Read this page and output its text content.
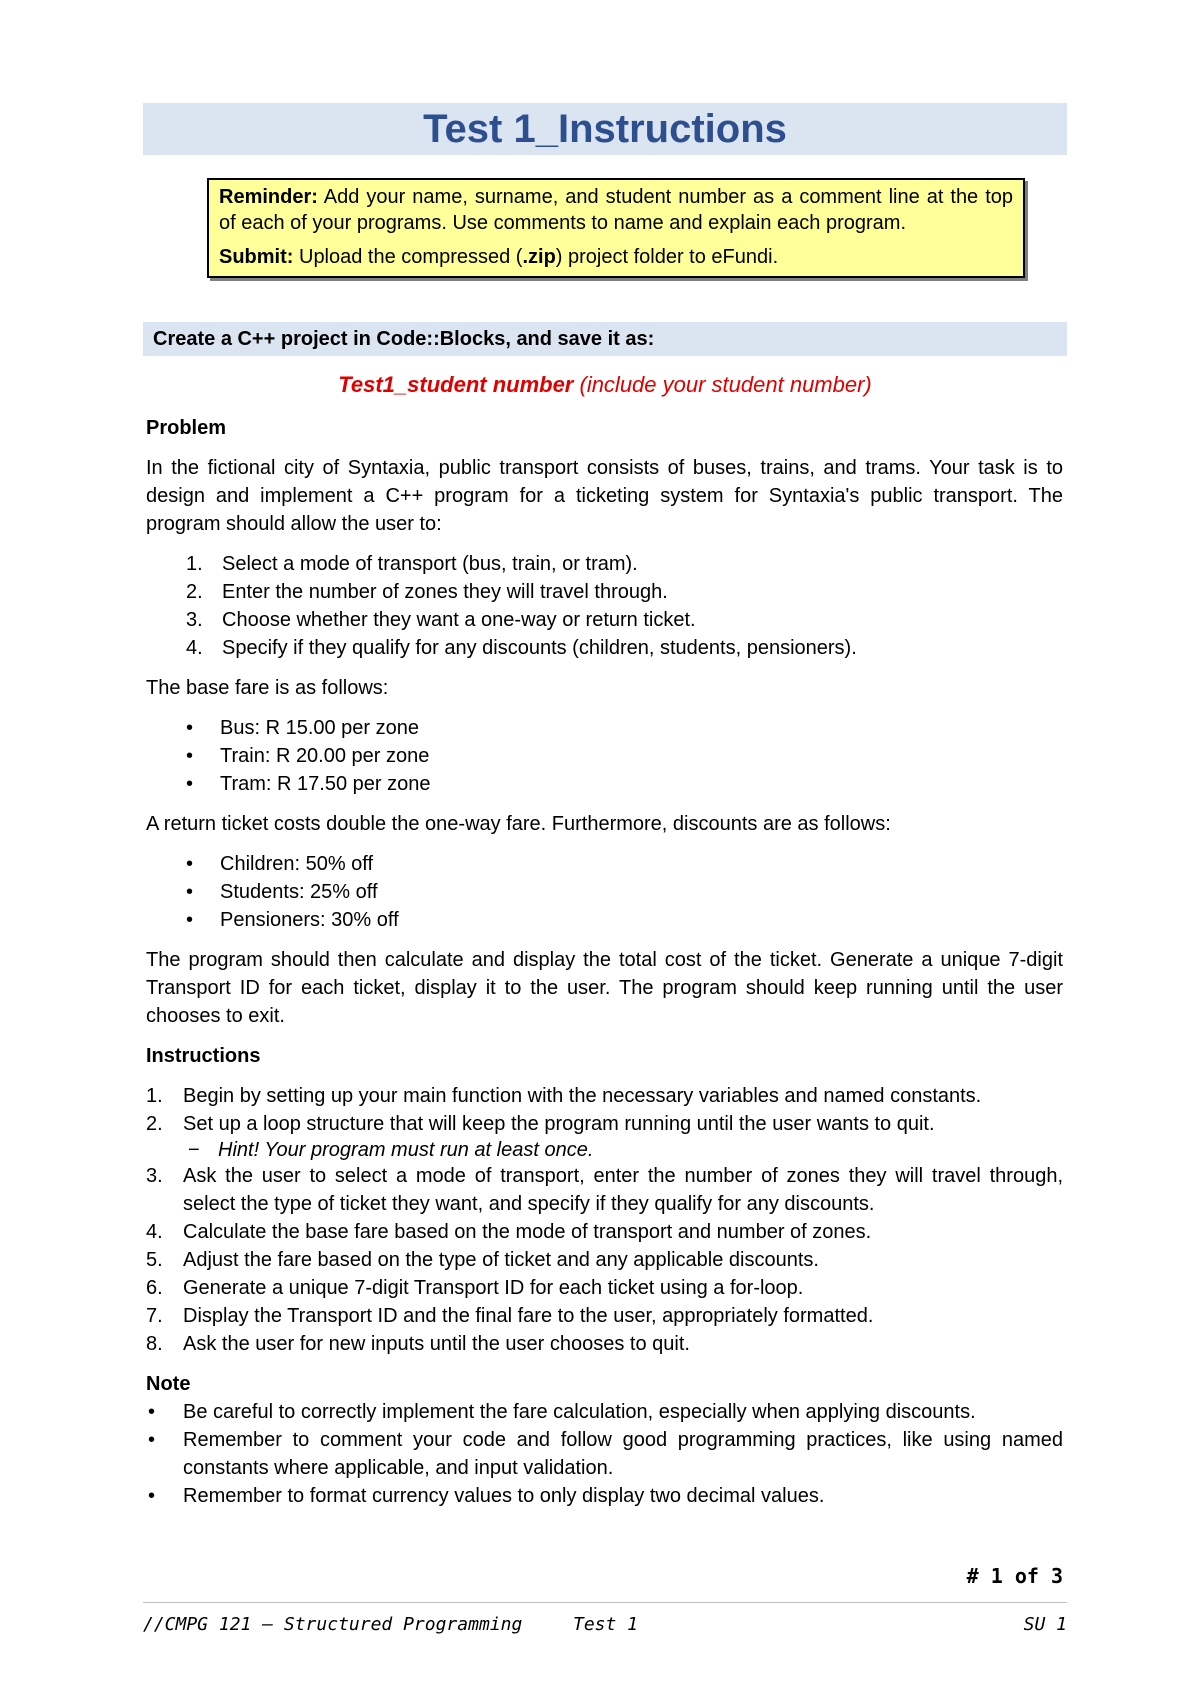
Test 1_Instructions

Reminder: Add your name, surname, and student number as a comment line at the top of each of your programs. Use comments to name and explain each program.

Submit: Upload the compressed (.zip) project folder to eFundi.

Create a C++ project in Code::Blocks, and save it as:
Test1_student number (include your student number)
Problem

In the fictional city of Syntaxia, public transport consists of buses, trains, and trams. Your task is to design and implement a C++ program for a ticketing system for Syntaxia's public transport. The program should allow the user to:

1. Select a mode of transport (bus, train, or tram).
2. Enter the number of zones they will travel through.
3. Choose whether they want a one-way or return ticket.
4. Specify if they qualify for any discounts (children, students, pensioners).

The base fare is as follows:

• Bus: R 15.00 per zone
• Train: R 20.00 per zone
• Tram: R 17.50 per zone

A return ticket costs double the one-way fare. Furthermore, discounts are as follows:

• Children: 50% off
• Students: 25% off
• Pensioners: 30% off

The program should then calculate and display the total cost of the ticket. Generate a unique 7-digit Transport ID for each ticket, display it to the user. The program should keep running until the user chooses to exit.

Instructions
1. Begin by setting up your main function with the necessary variables and named constants.
2. Set up a loop structure that will keep the program running until the user wants to quit.
− Hint! Your program must run at least once.
3. Ask the user to select a mode of transport, enter the number of zones they will travel through, select the type of ticket they want, and specify if they qualify for any discounts.
4. Calculate the base fare based on the mode of transport and number of zones.
5. Adjust the fare based on the type of ticket and any applicable discounts.
6. Generate a unique 7-digit Transport ID for each ticket using a for-loop.
7. Display the Transport ID and the final fare to the user, appropriately formatted.
8. Ask the user for new inputs until the user chooses to quit.
Note
• Be careful to correctly implement the fare calculation, especially when applying discounts.
• Remember to comment your code and follow good programming practices, like using named constants where applicable, and input validation.
• Remember to format currency values to only display two decimal values.
# 1 of 3
//CMPG 121 – Structured Programming	Test 1	SU 1
